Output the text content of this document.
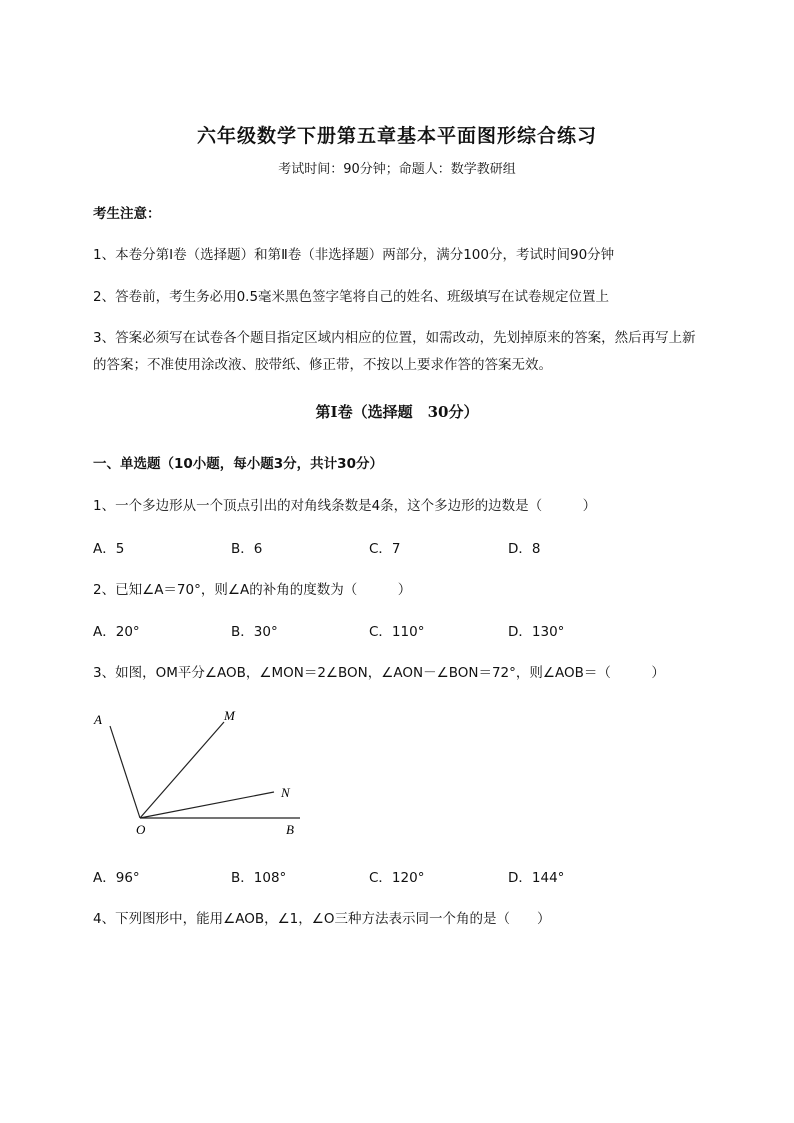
六年级数学下册第五章基本平面图形综合练习
考试时间：90分钟；命题人：数学教研组
考生注意：
1、本卷分第I卷（选择题）和第Ⅱ卷（非选择题）两部分，满分100分，考试时间90分钟
2、答卷前，考生务必用0.5毫米黑色签字笔将自己的姓名、班级填写在试卷规定位置上
3、答案必须写在试卷各个题目指定区域内相应的位置，如需改动，先划掉原来的答案，然后再写上新
的答案；不准使用涂改液、胶带纸、修正带，不按以上要求作答的答案无效。
第I卷（选择题　30分）
一、单选题（10小题，每小题3分，共计30分）
1、一个多边形从一个顶点引出的对角线条数是4条，这个多边形的边数是（　　　）
A．5	B．6	C．7	D．8
2、已知∠A＝70°，则∠A的补角的度数为（　　　）
A．20°	B．30°	C．110°	D．130°
3、如图，OM平分∠AOB，∠MON＝2∠BON，∠AON－∠BON＝72°，则∠AOB＝（　　　）
A	M
N
O	B
A．96°	B．108°	C．120°	D．144°
4、下列图形中，能用∠AOB，∠1，∠O三种方法表示同一个角的是（　　）
